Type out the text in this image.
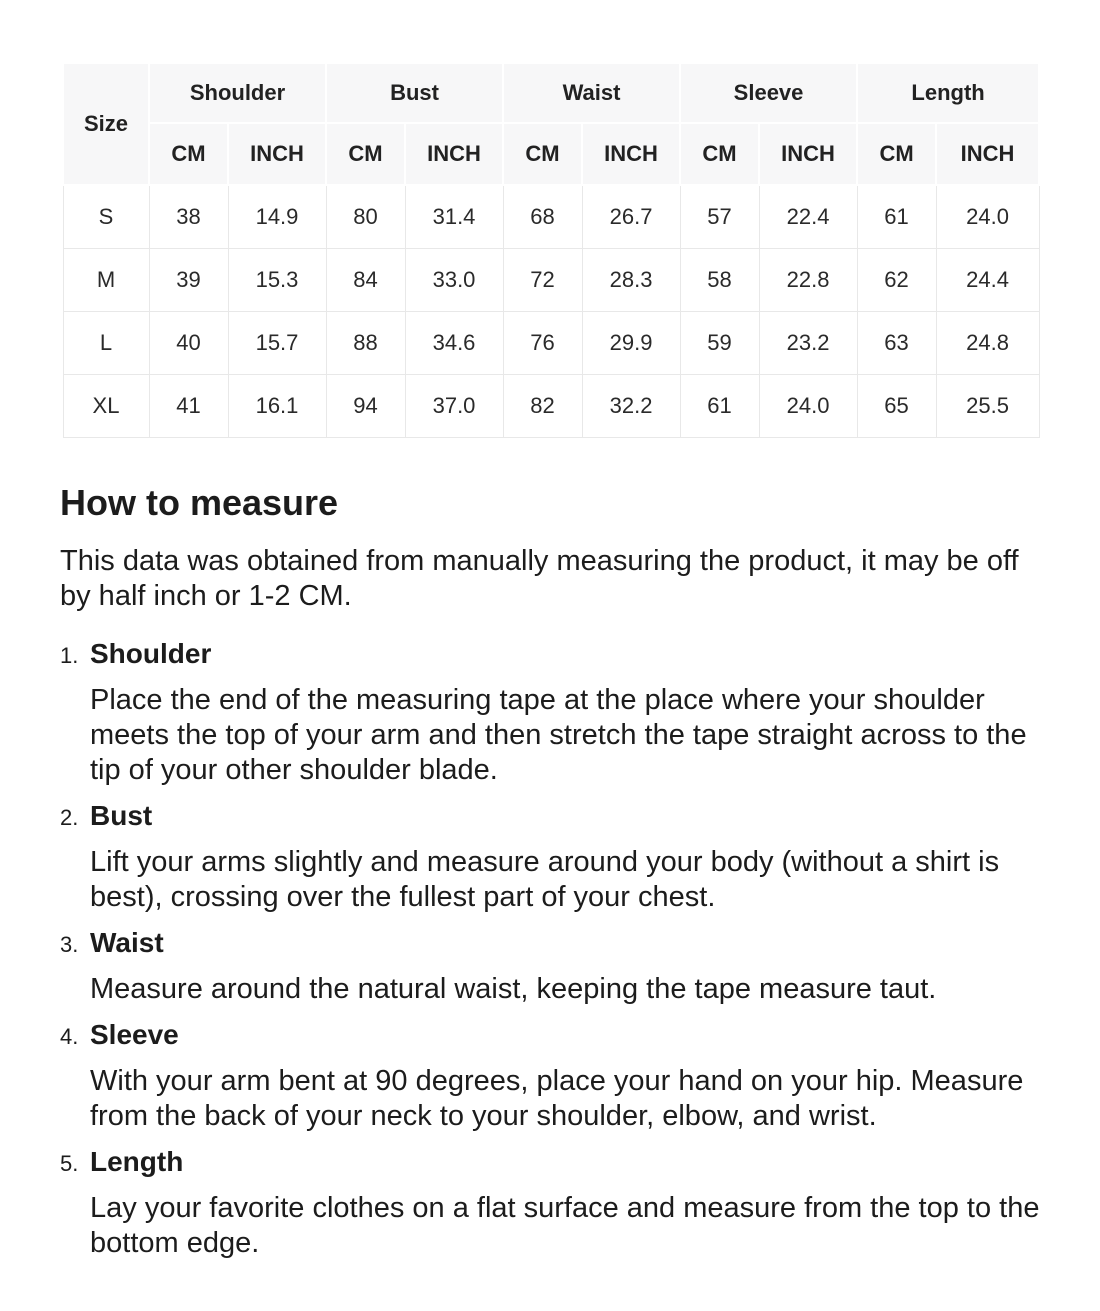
Size	Shoulder		Bust		Waist		Sleeve		Length	
	CM	INCH	CM	INCH	CM	INCH	CM	INCH	CM	INCH
S	38	14.9	80	31.4	68	26.7	57	22.4	61	24.0
M	39	15.3	84	33.0	72	28.3	58	22.8	62	24.4
L	40	15.7	88	34.6	76	29.9	59	23.2	63	24.8
XL	41	16.1	94	37.0	82	32.2	61	24.0	65	25.5
How to measure

This data was obtained from manually measuring the product, it may be off by half inch or 1-2 CM.

1. Shoulder
Place the end of the measuring tape at the place where your shoulder meets the top of your arm and then stretch the tape straight across to the tip of your other shoulder blade.
2. Bust
Lift your arms slightly and measure around your body (without a shirt is best), crossing over the fullest part of your chest.
3. Waist
Measure around the natural waist, keeping the tape measure taut.
4. Sleeve
With your arm bent at 90 degrees, place your hand on your hip. Measure from the back of your neck to your shoulder, elbow, and wrist.
5. Length
Lay your favorite clothes on a flat surface and measure from the top to the bottom edge.
